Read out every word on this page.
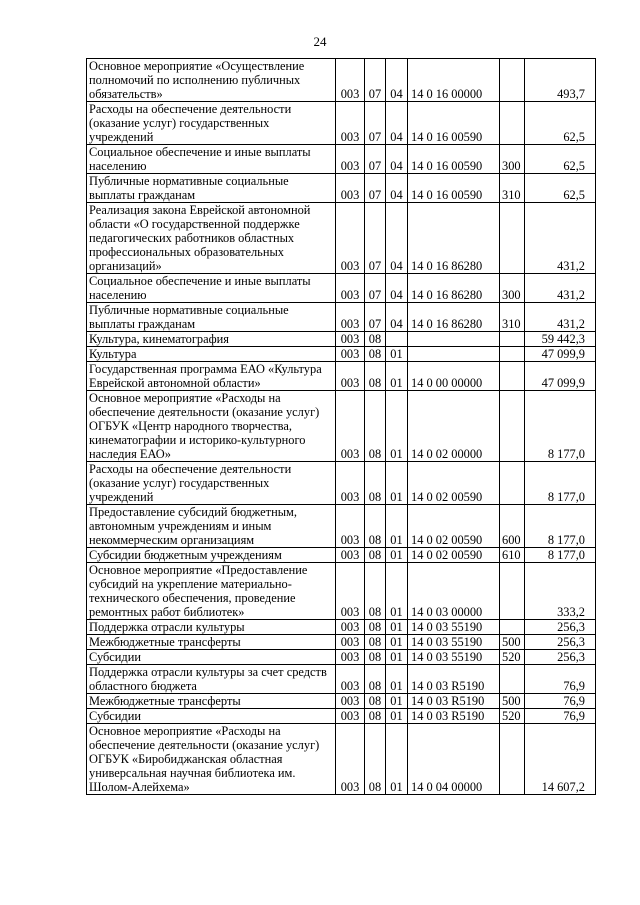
24
Основное мероприятие «Осуществление полномочий по исполнению публичных обязательств»	003	07	04	14 0 16 00000		493,7
Расходы на обеспечение деятельности (оказание услуг) государственных учреждений	003	07	04	14 0 16 00590		62,5
Социальное обеспечение и иные выплаты населению	003	07	04	14 0 16 00590	300	62,5
Публичные нормативные социальные выплаты гражданам	003	07	04	14 0 16 00590	310	62,5
Реализация закона Еврейской автономной области «О государственной поддержке педагогических работников областных профессиональных образовательных организаций»	003	07	04	14 0 16 86280		431,2
Социальное обеспечение и иные выплаты населению	003	07	04	14 0 16 86280	300	431,2
Публичные нормативные социальные выплаты гражданам	003	07	04	14 0 16 86280	310	431,2
Культура, кинематография	003	08				59 442,3
Культура	003	08	01			47 099,9
Государственная программа ЕАО «Культура Еврейской автономной области»	003	08	01	14 0 00 00000		47 099,9
Основное мероприятие «Расходы на обеспечение деятельности (оказание услуг) ОГБУК «Центр народного творчества, кинематографии и историко-культурного наследия ЕАО»	003	08	01	14 0 02 00000		8 177,0
Расходы на обеспечение деятельности (оказание услуг) государственных учреждений	003	08	01	14 0 02 00590		8 177,0
Предоставление субсидий бюджетным, автономным учреждениям и иным некоммерческим организациям	003	08	01	14 0 02 00590	600	8 177,0
Субсидии бюджетным учреждениям	003	08	01	14 0 02 00590	610	8 177,0
Основное мероприятие «Предоставление субсидий на укрепление материально-технического обеспечения, проведение ремонтных работ библиотек»	003	08	01	14 0 03 00000		333,2
Поддержка отрасли культуры	003	08	01	14 0 03 55190		256,3
Межбюджетные трансферты	003	08	01	14 0 03 55190	500	256,3
Субсидии	003	08	01	14 0 03 55190	520	256,3
Поддержка отрасли культуры за счет средств областного бюджета	003	08	01	14 0 03 R5190		76,9
Межбюджетные трансферты	003	08	01	14 0 03 R5190	500	76,9
Субсидии	003	08	01	14 0 03 R5190	520	76,9
Основное мероприятие «Расходы на обеспечение деятельности (оказание услуг) ОГБУК «Биробиджанская областная универсальная научная библиотека им. Шолом-Алейхема»	003	08	01	14 0 04 00000		14 607,2
